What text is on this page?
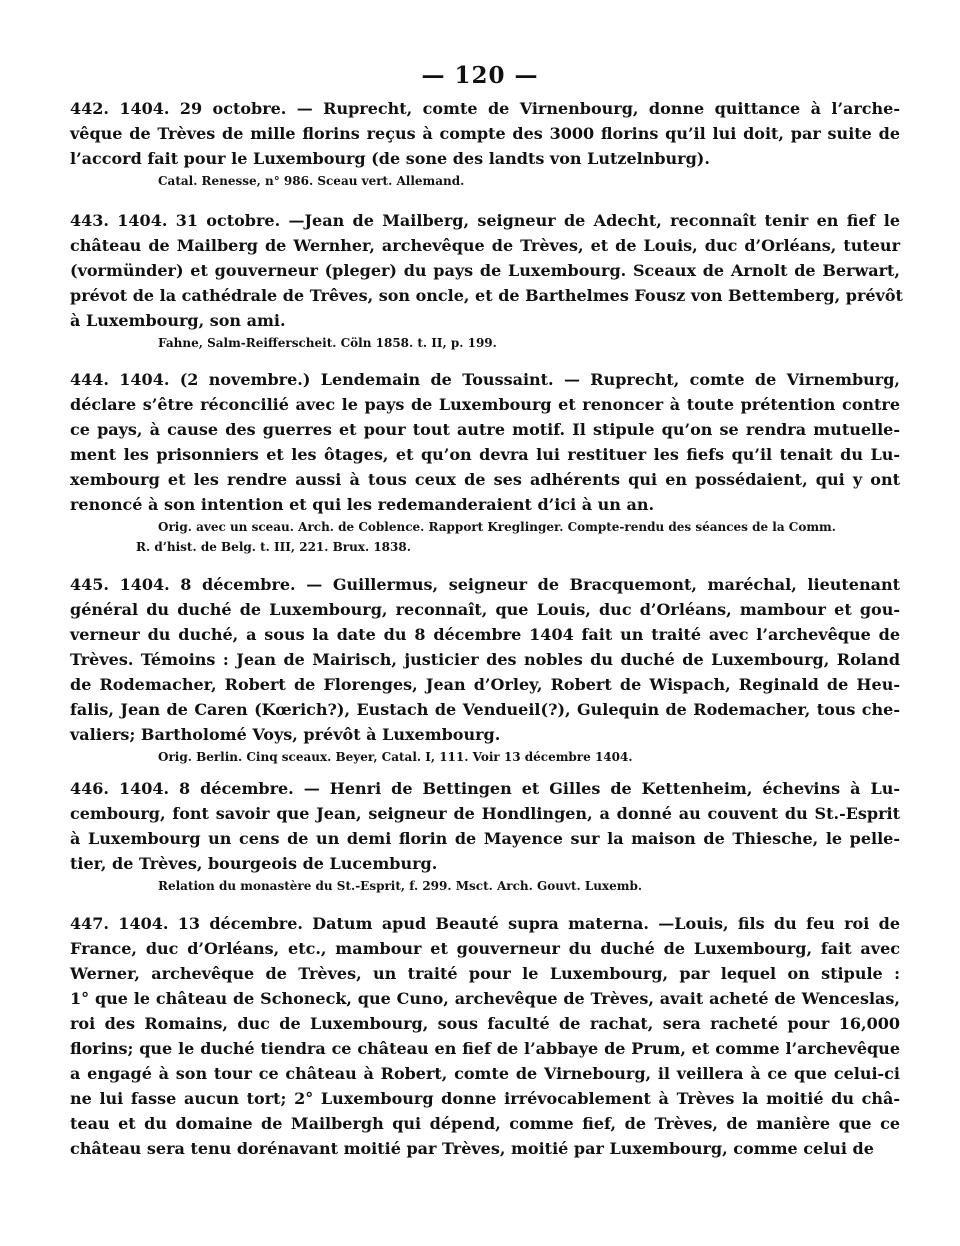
— 120 —
442. 1404. 29 octobre. — Ruprecht, comte de Virnenbourg, donne quittance à l’arche-
vêque de Trèves de mille florins reçus à compte des 3000 florins qu’il lui doit, par suite de
l’accord fait pour le Luxembourg (de sone des landts von Lutzelnburg).
Catal. Renesse, n° 986. Sceau vert. Allemand.
443. 1404. 31 octobre. —Jean de Mailberg, seigneur de Adecht, reconnaît tenir en fief le
château de Mailberg de Wernher, archevêque de Trèves, et de Louis, duc d’Orléans, tuteur
(vormünder) et gouverneur (pleger) du pays de Luxembourg. Sceaux de Arnolt de Berwart,
prévot de la cathédrale de Trêves, son oncle, et de Barthelmes Fousz von Bettemberg, prévôt
à Luxembourg, son ami.
Fahne, Salm-Reifferscheit. Cöln 1858. t. II, p. 199.
444. 1404. (2 novembre.) Lendemain de Toussaint. — Ruprecht, comte de Virnemburg,
déclare s’être réconcilié avec le pays de Luxembourg et renoncer à toute prétention contre
ce pays, à cause des guerres et pour tout autre motif. Il stipule qu’on se rendra mutuelle-
ment les prisonniers et les ôtages, et qu’on devra lui restituer les fiefs qu’il tenait du Lu-
xembourg et les rendre aussi à tous ceux de ses adhérents qui en possédaient, qui y ont
renoncé à son intention et qui les redemanderaient d’ici à un an.
Orig. avec un sceau. Arch. de Coblence. Rapport Kreglinger. Compte-rendu des séances de la Comm.
R. d’hist. de Belg. t. III, 221. Brux. 1838.
445. 1404. 8 décembre. — Guillermus, seigneur de Bracquemont, maréchal, lieutenant
général du duché de Luxembourg, reconnaît, que Louis, duc d’Orléans, mambour et gou-
verneur du duché, a sous la date du 8 décembre 1404 fait un traité avec l’archevêque de
Trèves. Témoins : Jean de Mairisch, justicier des nobles du duché de Luxembourg, Roland
de Rodemacher, Robert de Florenges, Jean d’Orley, Robert de Wispach, Reginald de Heu-
falis, Jean de Caren (Kœrich?), Eustach de Vendueil(?), Gulequin de Rodemacher, tous che-
valiers; Bartholomé Voys, prévôt à Luxembourg.
Orig. Berlin. Cinq sceaux. Beyer, Catal. I, 111. Voir 13 décembre 1404.
446. 1404. 8 décembre. — Henri de Bettingen et Gilles de Kettenheim, échevins à Lu-
cembourg, font savoir que Jean, seigneur de Hondlingen, a donné au couvent du St.-Esprit
à Luxembourg un cens de un demi florin de Mayence sur la maison de Thiesche, le pelle-
tier, de Trèves, bourgeois de Lucemburg.
Relation du monastère du St.-Esprit, f. 299. Msct. Arch. Gouvt. Luxemb.
447. 1404. 13 décembre. Datum apud Beauté supra materna. —Louis, fils du feu roi de
France, duc d’Orléans, etc., mambour et gouverneur du duché de Luxembourg, fait avec
Werner, archevêque de Trèves, un traité pour le Luxembourg, par lequel on stipule :
1° que le château de Schoneck, que Cuno, archevêque de Trèves, avait acheté de Wenceslas,
roi des Romains, duc de Luxembourg, sous faculté de rachat, sera racheté pour 16,000
florins; que le duché tiendra ce château en fief de l’abbaye de Prum, et comme l’archevêque
a engagé à son tour ce château à Robert, comte de Virnebourg, il veillera à ce que celui-ci
ne lui fasse aucun tort; 2° Luxembourg donne irrévocablement à Trèves la moitié du châ-
teau et du domaine de Mailbergh qui dépend, comme fief, de Trèves, de manière que ce
château sera tenu dorénavant moitié par Trèves, moitié par Luxembourg, comme celui de
